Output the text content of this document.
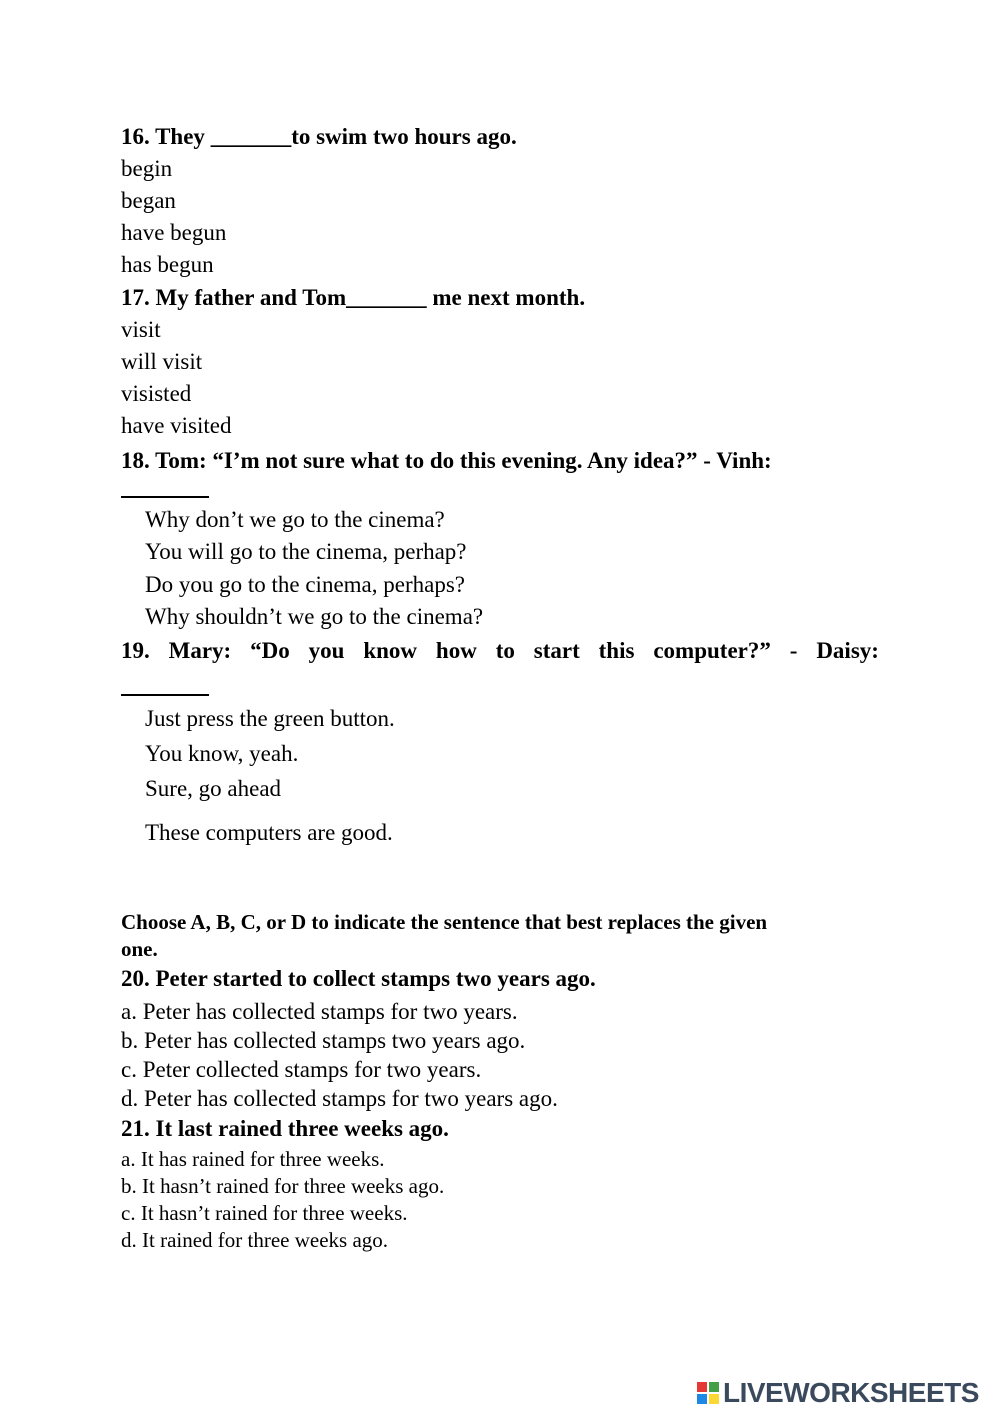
16. They _______to swim two hours ago.
begin
began
have begun
has begun
17. My father and Tom_______ me next month.
visit
will visit
visisted
have visited
18. Tom: “I’m not sure what to do this evening. Any idea?” - Vinh:
Why don’t we go to the cinema?
You will go to the cinema, perhap?
Do you go to the cinema, perhaps?
Why shouldn’t we go to the cinema?
19. Mary: “Do you know how to start this computer?” - Daisy:
Just press the green button.
You know, yeah.
Sure, go ahead
These computers are good.
Choose A, B, C, or D to indicate the sentence that best replaces the given
one.
20. Peter started to collect stamps two years ago.
a. Peter has collected stamps for two years.
b. Peter has collected stamps two years ago.
c. Peter collected stamps for two years.
d. Peter has collected stamps for two years ago.
21. It last rained three weeks ago.
a. It has rained for three weeks.
b. It hasn’t rained for three weeks ago.
c. It hasn’t rained for three weeks.
d. It rained for three weeks ago.
LIVEWORKSHEETS
